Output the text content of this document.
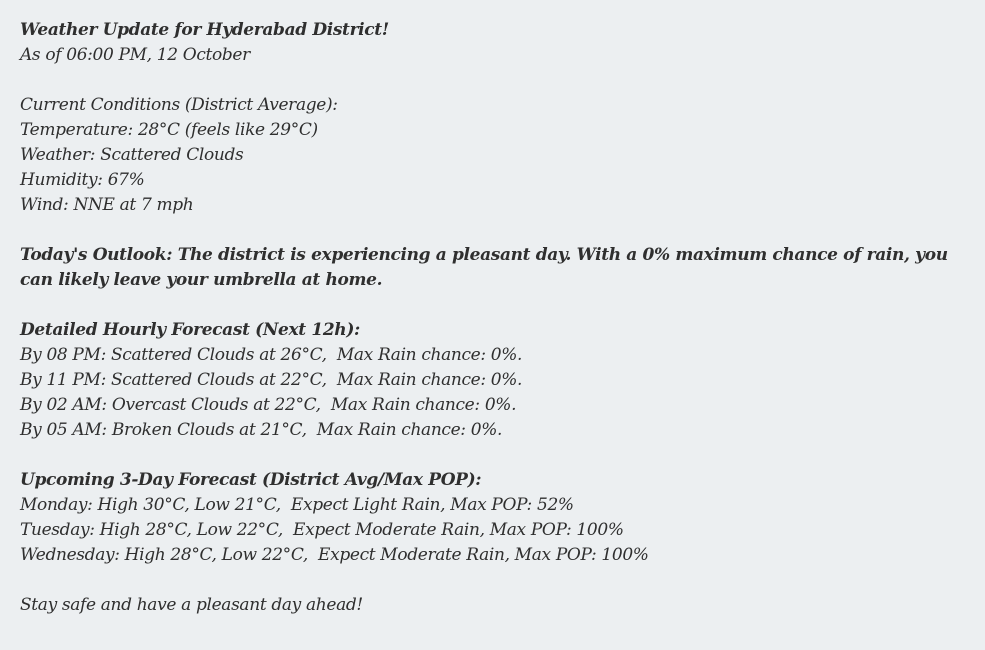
Weather Update for Hyderabad District!
As of 06:00 PM, 12 October
Current Conditions (District Average):
Temperature: 28°C (feels like 29°C)
Weather: Scattered Clouds
Humidity: 67%
Wind: NNE at 7 mph
Today's Outlook: The district is experiencing a pleasant day. With a 0% maximum chance of rain, you can likely leave your umbrella at home.
Detailed Hourly Forecast (Next 12h):
By 08 PM: Scattered Clouds at 26°C,  Max Rain chance: 0%.
By 11 PM: Scattered Clouds at 22°C,  Max Rain chance: 0%.
By 02 AM: Overcast Clouds at 22°C,  Max Rain chance: 0%.
By 05 AM: Broken Clouds at 21°C,  Max Rain chance: 0%.
Upcoming 3-Day Forecast (District Avg/Max POP):
Monday: High 30°C, Low 21°C,  Expect Light Rain, Max POP: 52%
Tuesday: High 28°C, Low 22°C,  Expect Moderate Rain, Max POP: 100%
Wednesday: High 28°C, Low 22°C,  Expect Moderate Rain, Max POP: 100%
Stay safe and have a pleasant day ahead!
